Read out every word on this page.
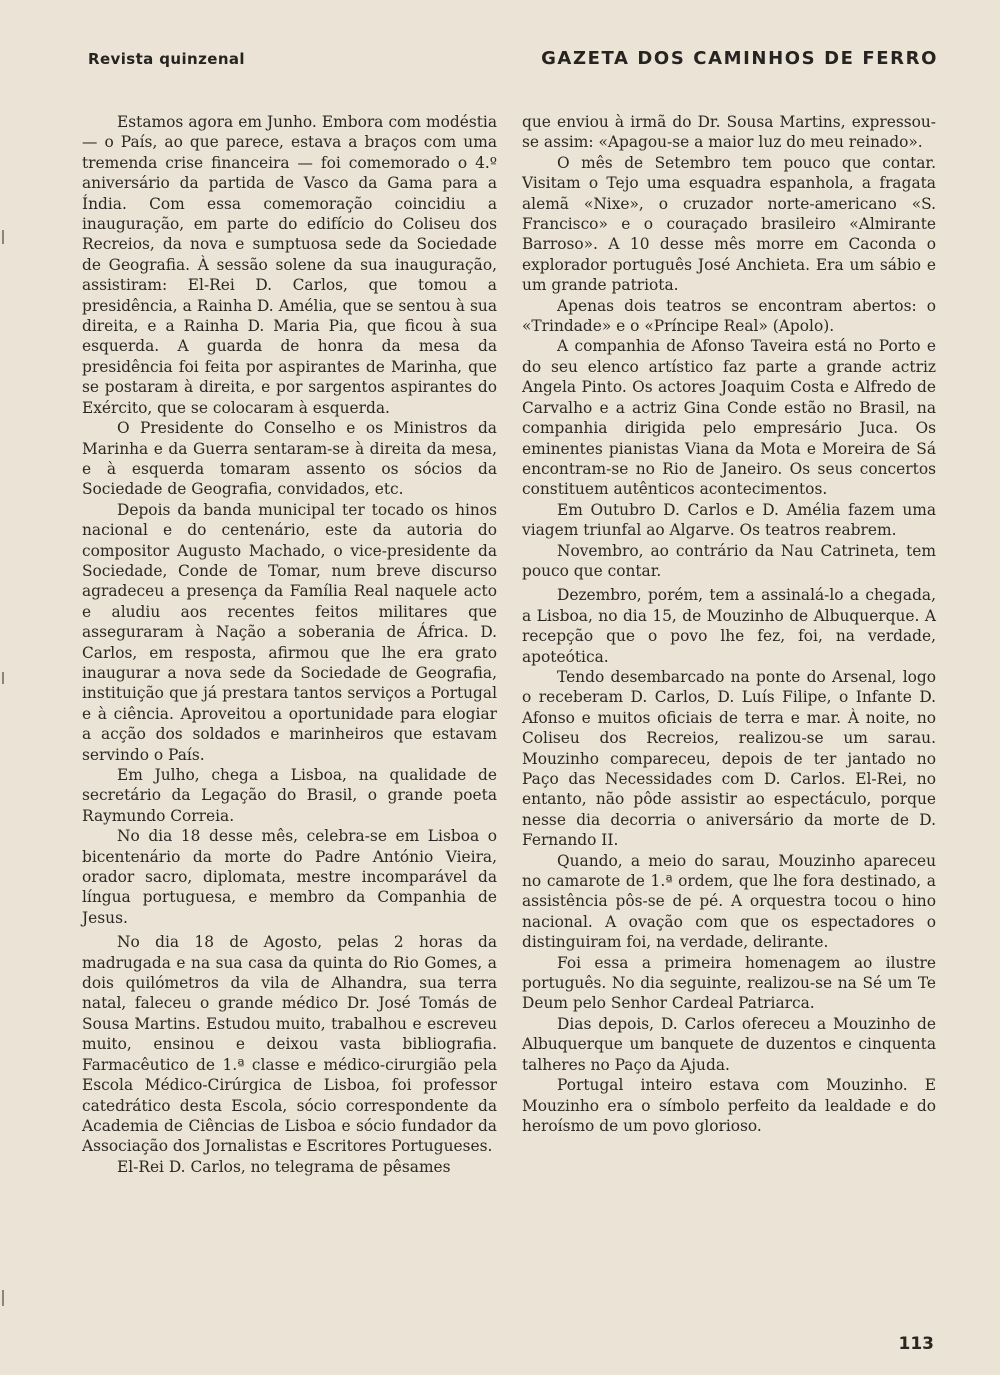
Revista quinzenal	GAZETA DOS CAMINHOS DE FERRO

Estamos agora em Junho. Embora com modéstia — o País, ao que parece, estava a braços com uma tremenda crise financeira — foi comemorado o 4.º aniversário da partida de Vasco da Gama para a Índia. Com essa comemoração coincidiu a inauguração, em parte do edifício do Coliseu dos Recreios, da nova e sumptuosa sede da Sociedade de Geografia. À sessão solene da sua inauguração, assistiram: El-Rei D. Carlos, que tomou a presidência, a Rainha D. Amélia, que se sentou à sua direita, e a Rainha D. Maria Pia, que ficou à sua esquerda. A guarda de honra da mesa da presidência foi feita por aspirantes de Marinha, que se postaram à direita, e por sargentos aspirantes do Exército, que se colocaram à esquerda.

O Presidente do Conselho e os Ministros da Marinha e da Guerra sentaram-se à direita da mesa, e à esquerda tomaram assento os sócios da Sociedade de Geografia, convidados, etc.

Depois da banda municipal ter tocado os hinos nacional e do centenário, este da autoria do compositor Augusto Machado, o vice-presidente da Sociedade, Conde de Tomar, num breve discurso agradeceu a presença da Família Real naquele acto e aludiu aos recentes feitos militares que asseguraram à Nação a soberania de África. D. Carlos, em resposta, afirmou que lhe era grato inaugurar a nova sede da Sociedade de Geografia, instituição que já prestara tantos serviços a Portugal e à ciência. Aproveitou a oportunidade para elogiar a acção dos soldados e marinheiros que estavam servindo o País.

Em Julho, chega a Lisboa, na qualidade de secretário da Legação do Brasil, o grande poeta Raymundo Correia.

No dia 18 desse mês, celebra-se em Lisboa o bicentenário da morte do Padre António Vieira, orador sacro, diplomata, mestre incomparável da língua portuguesa, e membro da Companhia de Jesus.

No dia 18 de Agosto, pelas 2 horas da madrugada e na sua casa da quinta do Rio Gomes, a dois quilómetros da vila de Alhandra, sua terra natal, faleceu o grande médico Dr. José Tomás de Sousa Martins. Estudou muito, trabalhou e escreveu muito, ensinou e deixou vasta bibliografia. Farmacêutico de 1.ª classe e médico-cirurgião pela Escola Médico-Cirúrgica de Lisboa, foi professor catedrático desta Escola, sócio correspondente da Academia de Ciências de Lisboa e sócio fundador da Associação dos Jornalistas e Escritores Portugueses.

El-Rei D. Carlos, no telegrama de pêsames

que enviou à irmã do Dr. Sousa Martins, expressou-se assim: «Apagou-se a maior luz do meu reinado».

O mês de Setembro tem pouco que contar. Visitam o Tejo uma esquadra espanhola, a fragata alemã «Nixe», o cruzador norte-americano «S. Francisco» e o couraçado brasileiro «Almirante Barroso». A 10 desse mês morre em Caconda o explorador português José Anchieta. Era um sábio e um grande patriota.

Apenas dois teatros se encontram abertos: o «Trindade» e o «Príncipe Real» (Apolo).

A companhia de Afonso Taveira está no Porto e do seu elenco artístico faz parte a grande actriz Angela Pinto. Os actores Joaquim Costa e Alfredo de Carvalho e a actriz Gina Conde estão no Brasil, na companhia dirigida pelo empresário Juca. Os eminentes pianistas Viana da Mota e Moreira de Sá encontram-se no Rio de Janeiro. Os seus concertos constituem autênticos acontecimentos.

Em Outubro D. Carlos e D. Amélia fazem uma viagem triunfal ao Algarve. Os teatros reabrem.

Novembro, ao contrário da Nau Catrineta, tem pouco que contar.

Dezembro, porém, tem a assinalá-lo a chegada, a Lisboa, no dia 15, de Mouzinho de Albuquerque. A recepção que o povo lhe fez, foi, na verdade, apoteótica.

Tendo desembarcado na ponte do Arsenal, logo o receberam D. Carlos, D. Luís Filipe, o Infante D. Afonso e muitos oficiais de terra e mar. À noite, no Coliseu dos Recreios, realizou-se um sarau. Mouzinho compareceu, depois de ter jantado no Paço das Necessidades com D. Carlos. El-Rei, no entanto, não pôde assistir ao espectáculo, porque nesse dia decorria o aniversário da morte de D. Fernando II.

Quando, a meio do sarau, Mouzinho apareceu no camarote de 1.ª ordem, que lhe fora destinado, a assistência pôs-se de pé. A orquestra tocou o hino nacional. A ovação com que os espectadores o distinguiram foi, na verdade, delirante.

Foi essa a primeira homenagem ao ilustre português. No dia seguinte, realizou-se na Sé um Te Deum pelo Senhor Cardeal Patriarca.

Dias depois, D. Carlos ofereceu a Mouzinho de Albuquerque um banquete de duzentos e cinquenta talheres no Paço da Ajuda.

Portugal inteiro estava com Mouzinho. E Mouzinho era o símbolo perfeito da lealdade e do heroísmo de um povo glorioso.

113
